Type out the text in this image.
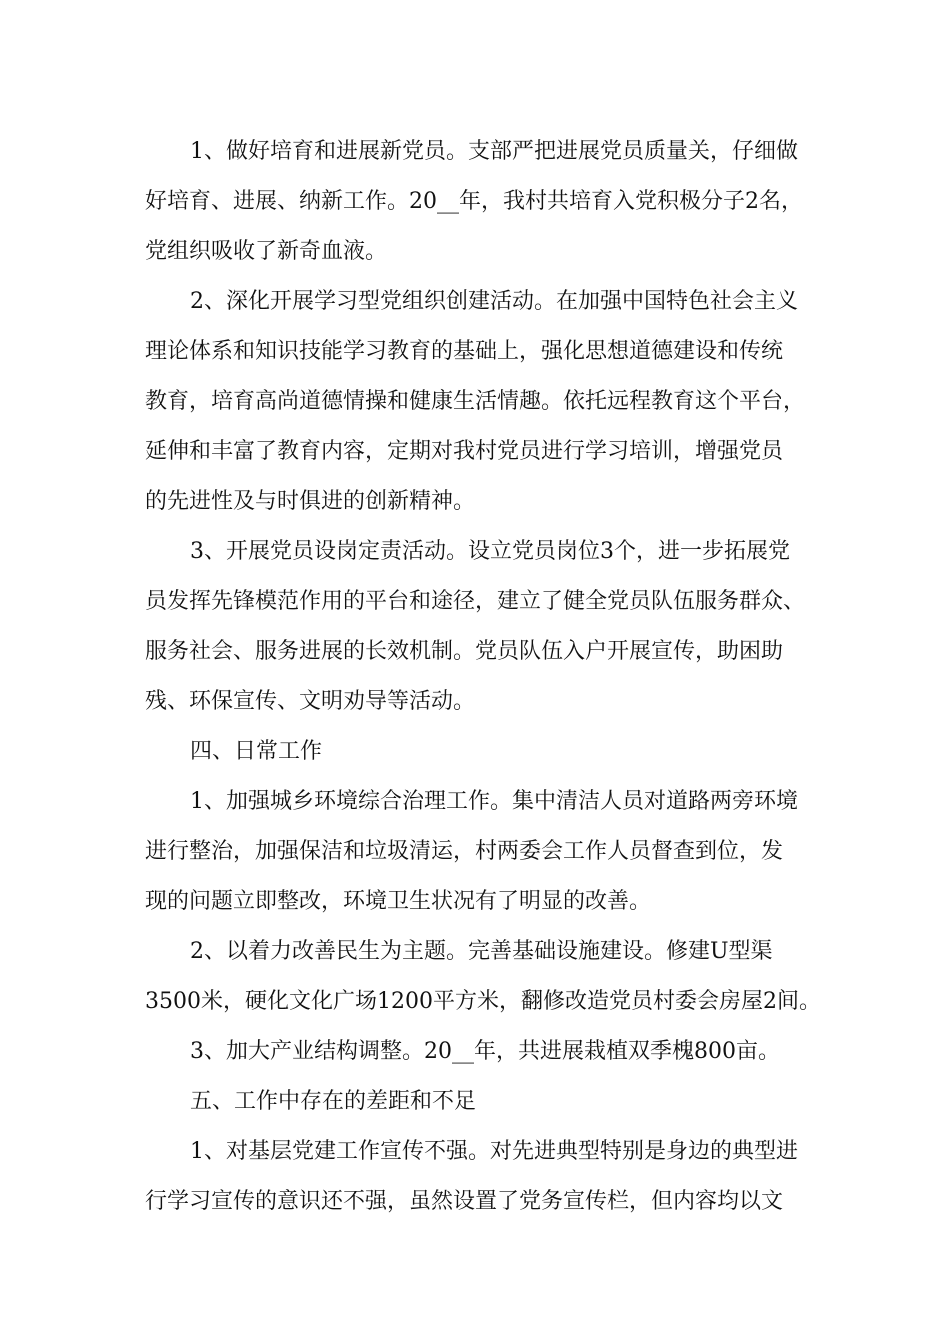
1、做好培育和进展新党员。支部严把进展党员质量关，仔细做
好培育、进展、纳新工作。20__年，我村共培育入党积极分子2名，
党组织吸收了新奇血液。
2、深化开展学习型党组织创建活动。在加强中国特色社会主义
理论体系和知识技能学习教育的基础上，强化思想道德建设和传统
教育，培育高尚道德情操和健康生活情趣。依托远程教育这个平台，
延伸和丰富了教育内容，定期对我村党员进行学习培训，增强党员
的先进性及与时俱进的创新精神。
3、开展党员设岗定责活动。设立党员岗位3个，进一步拓展党
员发挥先锋模范作用的平台和途径，建立了健全党员队伍服务群众、
服务社会、服务进展的长效机制。党员队伍入户开展宣传，助困助
残、环保宣传、文明劝导等活动。
四、日常工作
1、加强城乡环境综合治理工作。集中清洁人员对道路两旁环境
进行整治，加强保洁和垃圾清运，村两委会工作人员督查到位，发
现的问题立即整改，环境卫生状况有了明显的改善。
2、以着力改善民生为主题。完善基础设施建设。修建U型渠
3500米，硬化文化广场1200平方米，翻修改造党员村委会房屋2间。
3、加大产业结构调整。20__年，共进展栽植双季槐800亩。
五、工作中存在的差距和不足
1、对基层党建工作宣传不强。对先进典型特别是身边的典型进
行学习宣传的意识还不强，虽然设置了党务宣传栏，但内容均以文
